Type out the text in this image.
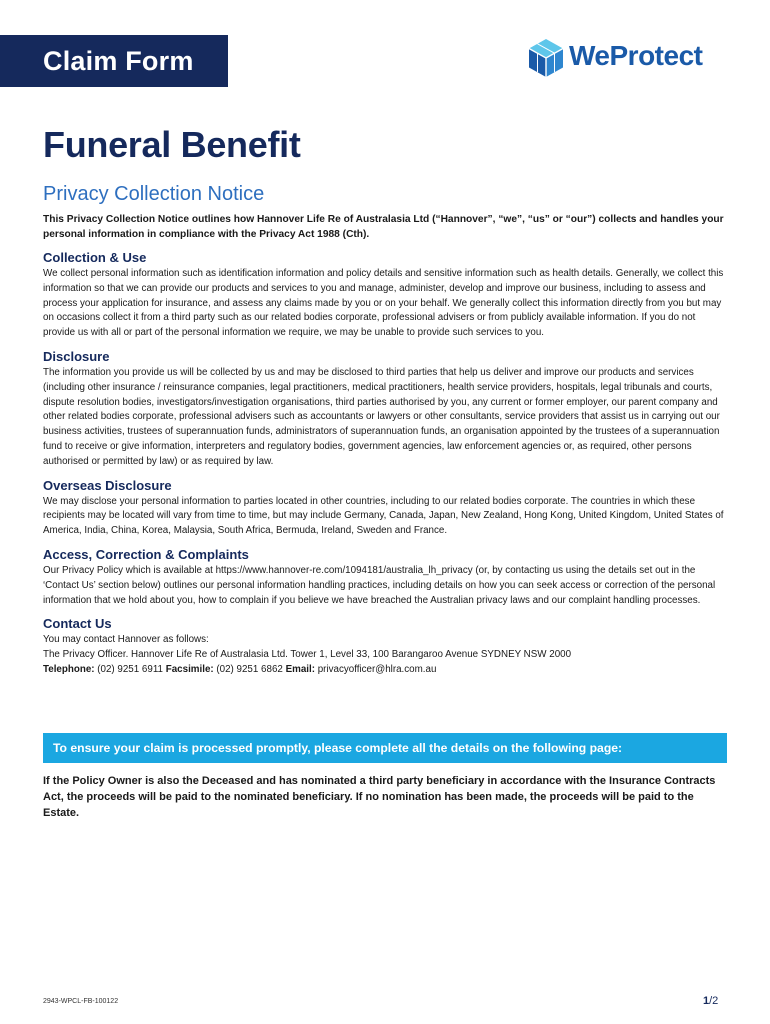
Claim Form	WeProtect
Funeral Benefit
Privacy Collection Notice

This Privacy Collection Notice outlines how Hannover Life Re of Australasia Ltd (“Hannover”, “we”, “us” or “our”) collects and handles your personal information in compliance with the Privacy Act 1988 (Cth).

Collection & Use

We collect personal information such as identification information and policy details and sensitive information such as health details. Generally, we collect this information so that we can provide our products and services to you and manage, administer, develop and improve our business, including to assess and process your application for insurance, and assess any claims made by you or on your behalf. We generally collect this information directly from you but may on occasions collect it from a third party such as our related bodies corporate, professional advisers or from publicly available information. If you do not provide us with all or part of the personal information we require, we may be unable to provide such services to you.

Disclosure

The information you provide us will be collected by us and may be disclosed to third parties that help us deliver and improve our products and services (including other insurance / reinsurance companies, legal practitioners, medical practitioners, health service providers, hospitals, legal tribunals and courts, dispute resolution bodies, investigators/investigation organisations, third parties authorised by you, any current or former employer, our parent company and other related bodies corporate, professional advisers such as accountants or lawyers or other consultants, service providers that assist us in carrying out our business activities, trustees of superannuation funds, administrators of superannuation funds, an organisation appointed by the trustees of a superannuation fund to receive or give information, interpreters and regulatory bodies, government agencies, law enforcement agencies or, as required, other persons authorised or permitted by law) or as required by law.

Overseas Disclosure

We may disclose your personal information to parties located in other countries, including to our related bodies corporate. The countries in which these recipients may be located will vary from time to time, but may include Germany, Canada, Japan, New Zealand, Hong Kong, United Kingdom, United States of America, India, China, Korea, Malaysia, South Africa, Bermuda, Ireland, Sweden and France.

Access, Correction & Complaints

Our Privacy Policy which is available at https://www.hannover-re.com/1094181/australia_lh_privacy (or, by contacting us using the details set out in the ‘Contact Us’ section below) outlines our personal information handling practices, including details on how you can seek access or correction of the personal information that we hold about you, how to complain if you believe we have breached the Australian privacy laws and our complaint handling processes.

Contact Us

You may contact Hannover as follows:

The Privacy Officer. Hannover Life Re of Australasia Ltd. Tower 1, Level 33, 100 Barangaroo Avenue SYDNEY NSW 2000

Telephone: (02) 9251 6911 Facsimile: (02) 9251 6862 Email: privacyofficer@hlra.com.au

To ensure your claim is processed promptly, please complete all the details on the following page:

If the Policy Owner is also the Deceased and has nominated a third party beneficiary in accordance with the Insurance Contracts Act, the proceeds will be paid to the nominated beneficiary. If no nomination has been made, the proceeds will be paid to the Estate.

2943-WPCL-FB-100122	1/2
